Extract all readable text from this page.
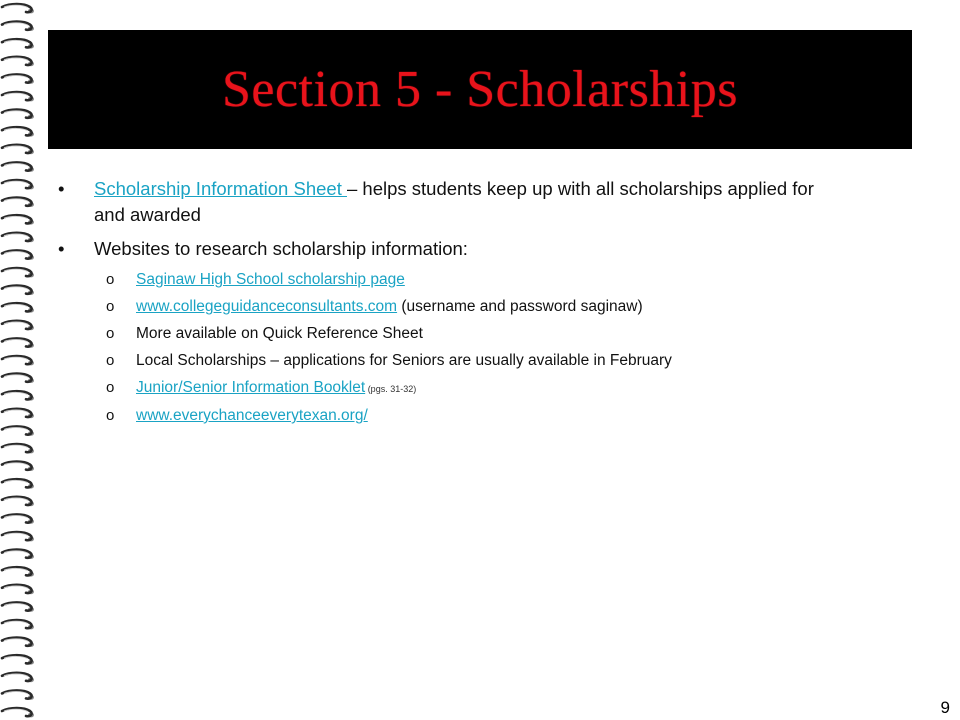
Section 5 - Scholarships
• Scholarship Information Sheet – helps students keep up with all scholarships applied for and awarded
• Websites to research scholarship information:
o Saginaw High School scholarship page
o www.collegeguidanceconsultants.com (username and password saginaw)
o More available on Quick Reference Sheet
o Local Scholarships – applications for Seniors are usually available in February
o Junior/Senior Information Booklet (pgs. 31-32)
o www.everychanceeverytexan.org/
9
